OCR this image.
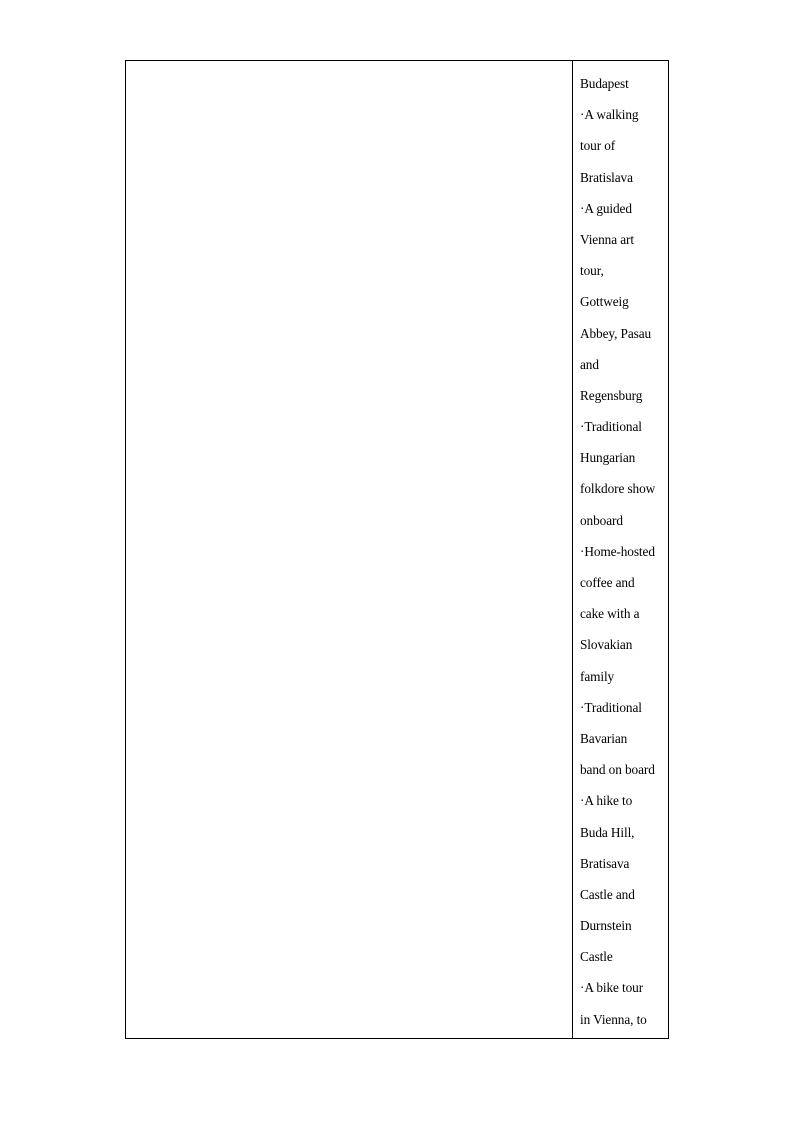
Budapest
·A walking
tour of
Bratislava
·A guided
Vienna art
tour,
Gottweig
Abbey, Pasau
and
Regensburg
·Traditional
Hungarian
folkdore show
onboard
·Home-hosted
coffee and
cake with a
Slovakian
family
·Traditional
Bavarian
band on board
·A hike to
Buda Hill,
Bratisava
Castle and
Durnstein
Castle
·A bike tour
in Vienna, to
